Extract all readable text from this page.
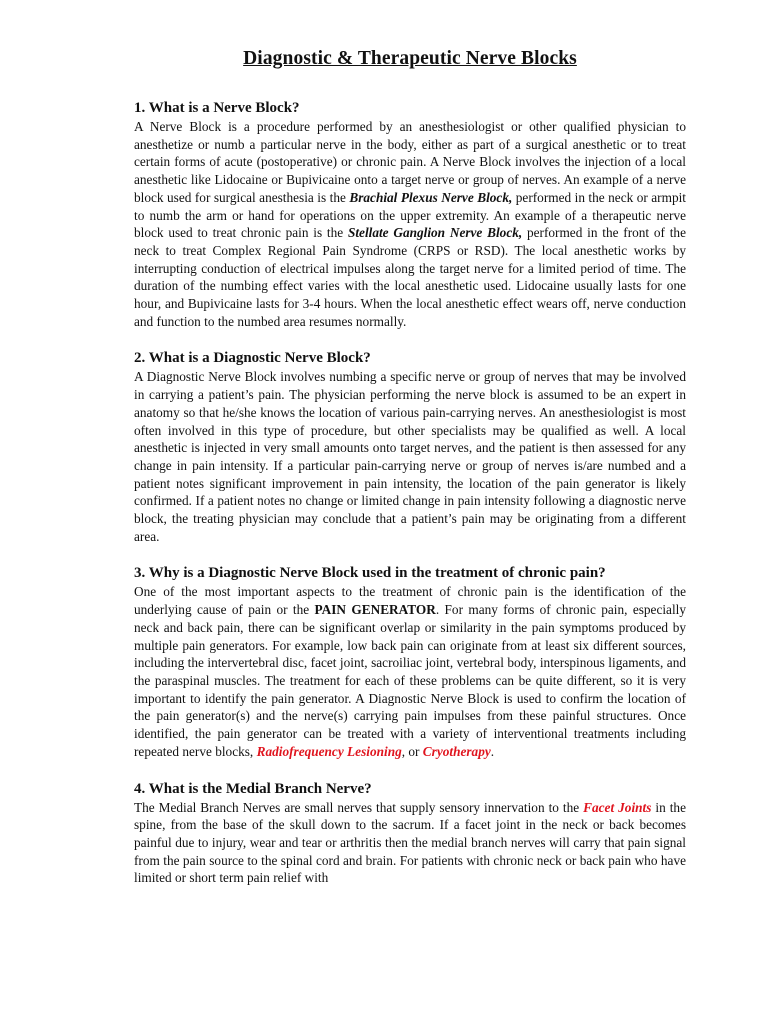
Diagnostic & Therapeutic Nerve Blocks
1. What is a Nerve Block?

A Nerve Block is a procedure performed by an anesthesiologist or other qualified physician to anesthetize or numb a particular nerve in the body, either as part of a surgical anesthetic or to treat certain forms of acute (postoperative) or chronic pain. A Nerve Block involves the injection of a local anesthetic like Lidocaine or Bupivicaine onto a target nerve or group of nerves. An example of a nerve block used for surgical anesthesia is the Brachial Plexus Nerve Block, performed in the neck or armpit to numb the arm or hand for operations on the upper extremity. An example of a therapeutic nerve block used to treat chronic pain is the Stellate Ganglion Nerve Block, performed in the front of the neck to treat Complex Regional Pain Syndrome (CRPS or RSD). The local anesthetic works by interrupting conduction of electrical impulses along the target nerve for a limited period of time. The duration of the numbing effect varies with the local anesthetic used. Lidocaine usually lasts for one hour, and Bupivicaine lasts for 3-4 hours. When the local anesthetic effect wears off, nerve conduction and function to the numbed area resumes normally.

2. What is a Diagnostic Nerve Block?

A Diagnostic Nerve Block involves numbing a specific nerve or group of nerves that may be involved in carrying a patient’s pain. The physician performing the nerve block is assumed to be an expert in anatomy so that he/she knows the location of various pain-carrying nerves. An anesthesiologist is most often involved in this type of procedure, but other specialists may be qualified as well. A local anesthetic is injected in very small amounts onto target nerves, and the patient is then assessed for any change in pain intensity. If a particular pain-carrying nerve or group of nerves is/are numbed and a patient notes significant improvement in pain intensity, the location of the pain generator is likely confirmed. If a patient notes no change or limited change in pain intensity following a diagnostic nerve block, the treating physician may conclude that a patient’s pain may be originating from a different area.

3. Why is a Diagnostic Nerve Block used in the treatment of chronic pain?

One of the most important aspects to the treatment of chronic pain is the identification of the underlying cause of pain or the PAIN GENERATOR. For many forms of chronic pain, especially neck and back pain, there can be significant overlap or similarity in the pain symptoms produced by multiple pain generators. For example, low back pain can originate from at least six different sources, including the intervertebral disc, facet joint, sacroiliac joint, vertebral body, interspinous ligaments, and the paraspinal muscles. The treatment for each of these problems can be quite different, so it is very important to identify the pain generator. A Diagnostic Nerve Block is used to confirm the location of the pain generator(s) and the nerve(s) carrying pain impulses from these painful structures. Once identified, the pain generator can be treated with a variety of interventional treatments including repeated nerve blocks, Radiofrequency Lesioning, or Cryotherapy.

4. What is the Medial Branch Nerve?

The Medial Branch Nerves are small nerves that supply sensory innervation to the Facet Joints in the spine, from the base of the skull down to the sacrum. If a facet joint in the neck or back becomes painful due to injury, wear and tear or arthritis then the medial branch nerves will carry that pain signal from the pain source to the spinal cord and brain. For patients with chronic neck or back pain who have limited or short term pain relief with
